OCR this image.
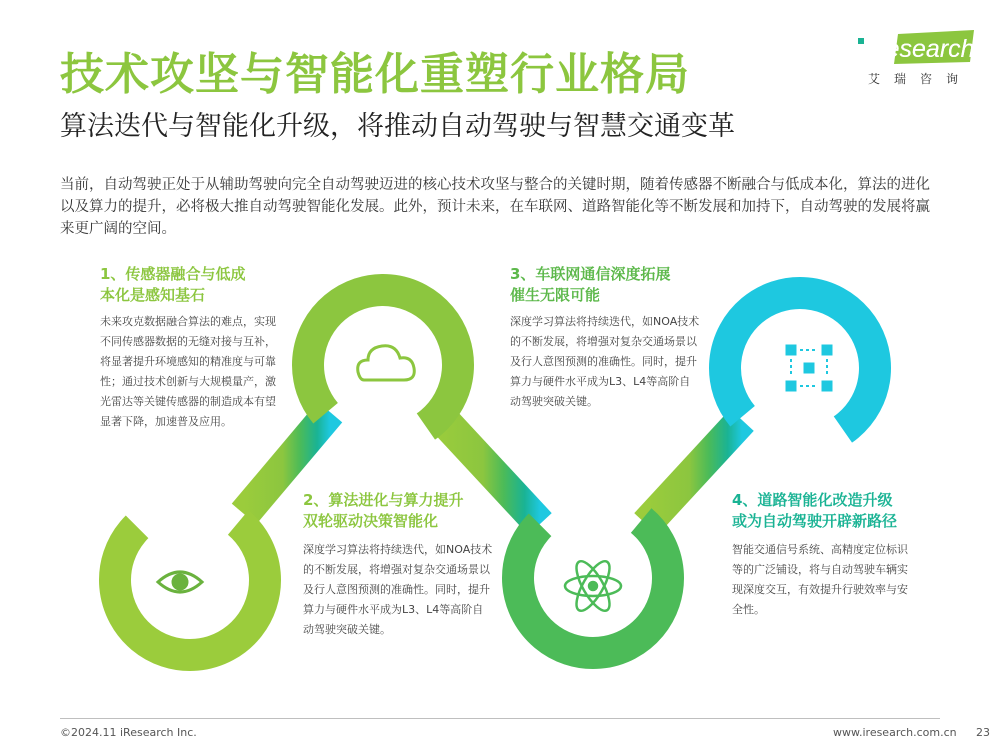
技术攻坚与智能化重塑行业格局
算法迭代与智能化升级，将推动自动驾驶与智慧交通变革
iResearch
艾瑞咨询
当前，自动驾驶正处于从辅助驾驶向完全自动驾驶迈进的核心技术攻坚与整合的关键时期，随着传感器不断融合与低成本化，算法的进化以及算力的提升，必将极大推自动驾驶智能化发展。此外，预计未来，在车联网、道路智能化等不断发展和加持下，自动驾驶的发展将赢来更广阔的空间。
1、传感器融合与低成
本化是感知基石
未来攻克数据融合算法的难点，实现不同传感器数据的无缝对接与互补，将显著提升环境感知的精准度与可靠性；通过技术创新与大规模量产，激光雷达等关键传感器的制造成本有望显著下降，加速普及应用。
2、算法进化与算力提升
双轮驱动决策智能化
深度学习算法将持续迭代，如NOA技术的不断发展，将增强对复杂交通场景以及行人意图预测的准确性。同时，提升算力与硬件水平成为L3、L4等高阶自动驾驶突破关键。
3、车联网通信深度拓展
催生无限可能
深度学习算法将持续迭代，如NOA技术的不断发展，将增强对复杂交通场景以及行人意图预测的准确性。同时，提升算力与硬件水平成为L3、L4等高阶自动驾驶突破关键。
4、道路智能化改造升级
或为自动驾驶开辟新路径
智能交通信号系统、高精度定位标识等的广泛铺设，将与自动驾驶车辆实现深度交互，有效提升行驶效率与安全性。
©2024.11 iResearch Inc.	www.iresearch.com.cn 23
